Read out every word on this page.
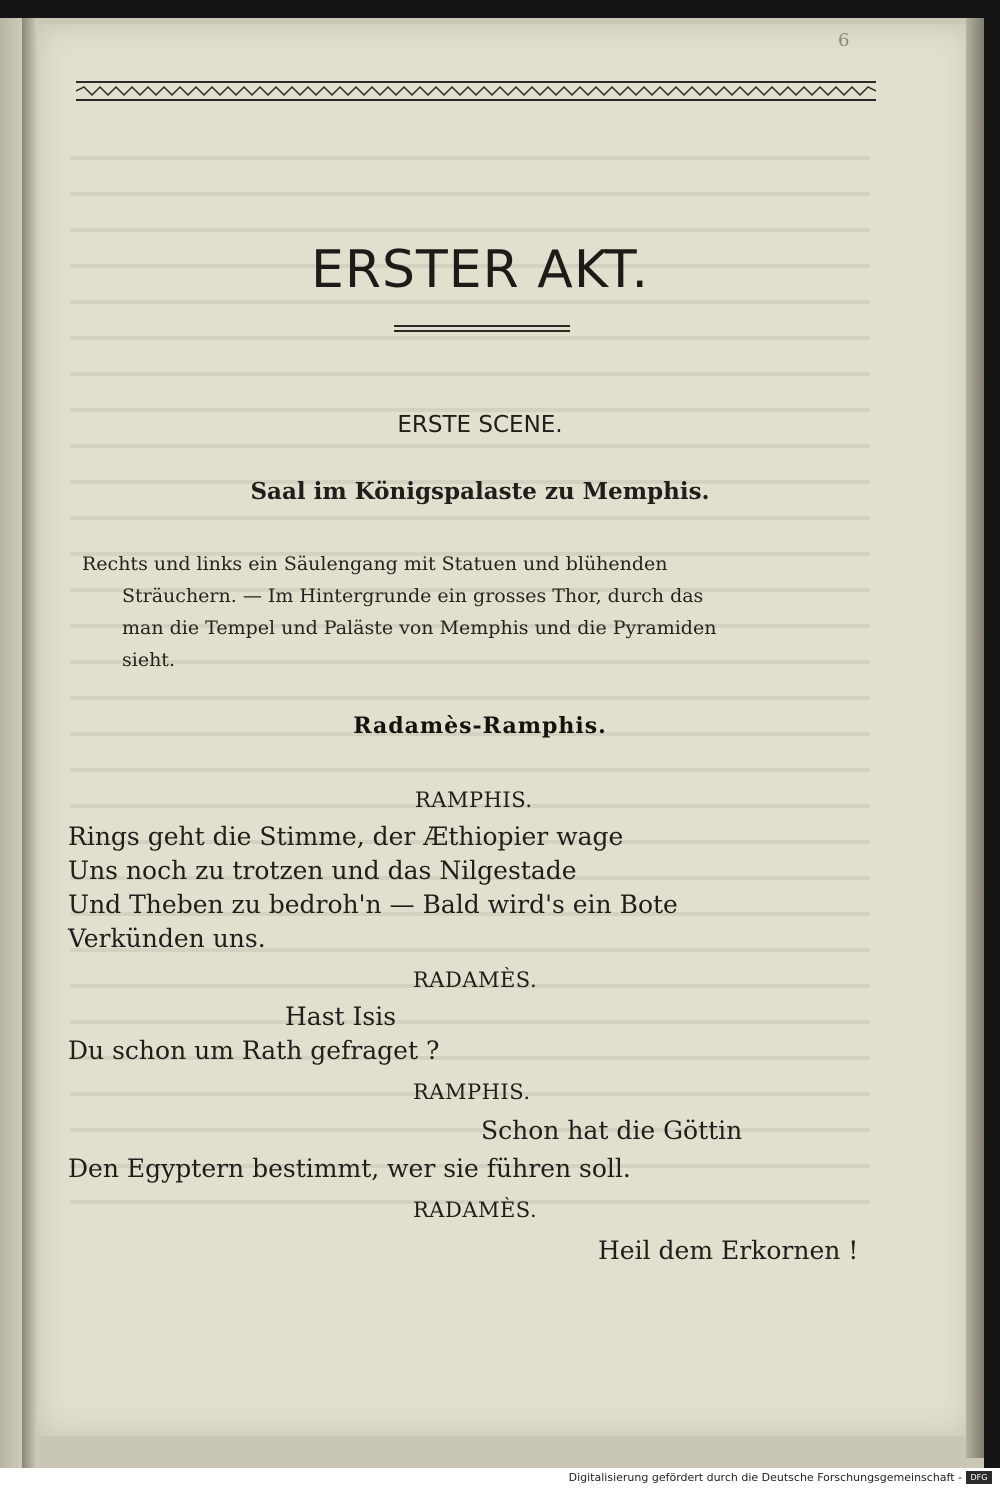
6
ERSTER AKT.
ERSTE SCENE.
Saal im Königspalaste zu Memphis.
Rechts und links ein Säulengang mit Statuen und blühenden
Sträuchern. — Im Hintergrunde ein grosses Thor, durch das
man die Tempel und Paläste von Memphis und die Pyramiden
sieht.
Radamès-Ramphis.
RAMPHIS.
Rings geht die Stimme, der Æthiopier wage
Uns noch zu trotzen und das Nilgestade
Und Theben zu bedroh'n — Bald wird's ein Bote
Verkünden uns.
RADAMÈS.
Hast Isis
Du schon um Rath gefraget ?
RAMPHIS.
Schon hat die Göttin
Den Egyptern bestimmt, wer sie führen soll.
RADAMÈS.
Heil dem Erkornen !
Digitalisierung gefördert durch die Deutsche Forschungsgemeinschaft -	DFG
